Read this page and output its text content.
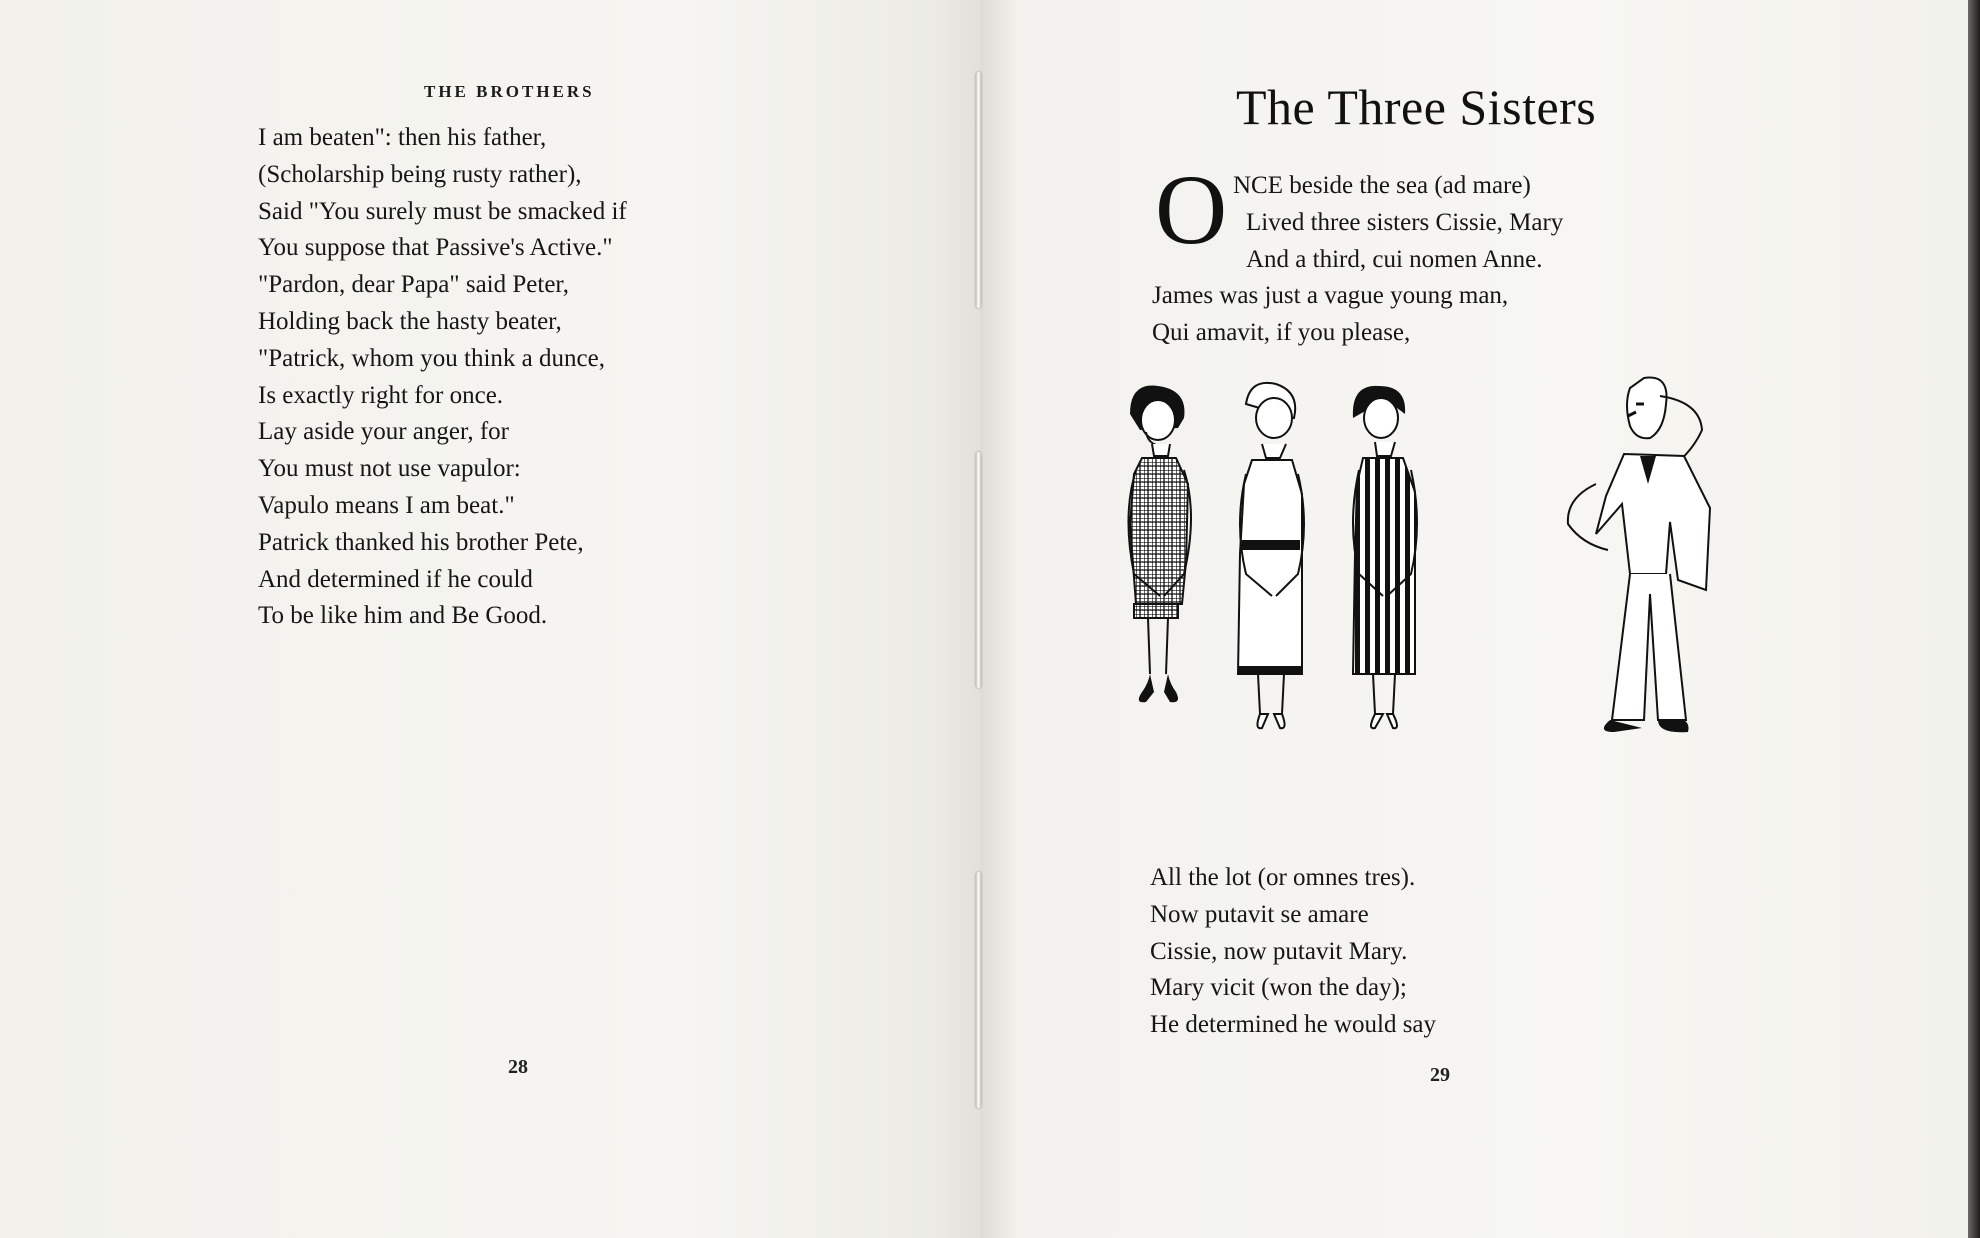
THE BROTHERS
I am beaten": then his father,
(Scholarship being rusty rather),
Said "You surely must be smacked if
You suppose that Passive's Active."
"Pardon, dear Papa" said Peter,
Holding back the hasty beater,
"Patrick, whom you think a dunce,
Is exactly right for once.
Lay aside your anger, for
You must not use vapulor:
Vapulo means I am beat."
Patrick thanked his brother Pete,
And determined if he could
To be like him and Be Good.
28
The Three Sisters
O NCE beside the sea (ad mare)
Lived three sisters Cissie, Mary
And a third, cui nomen Anne.
James was just a vague young man,
Qui amavit, if you please,
All the lot (or omnes tres).
Now putavit se amare
Cissie, now putavit Mary.
Mary vicit (won the day);
He determined he would say
29
